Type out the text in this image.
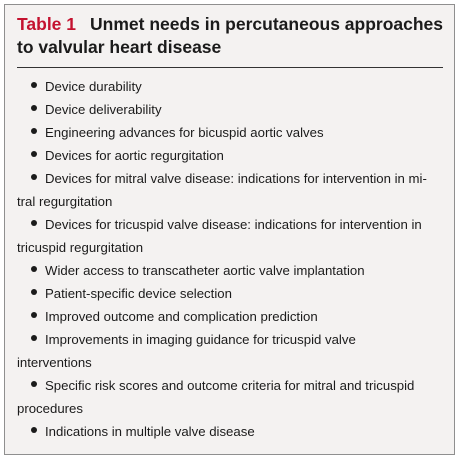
Table 1 Unmet needs in percutaneous approaches to valvular heart disease
Device durability
Device deliverability
Engineering advances for bicuspid aortic valves
Devices for aortic regurgitation
Devices for mitral valve disease: indications for intervention in mi-
tral regurgitation
Devices for tricuspid valve disease: indications for intervention in
tricuspid regurgitation
Wider access to transcatheter aortic valve implantation
Patient-specific device selection
Improved outcome and complication prediction
Improvements in imaging guidance for tricuspid valve
interventions
Specific risk scores and outcome criteria for mitral and tricuspid
procedures
Indications in multiple valve disease
